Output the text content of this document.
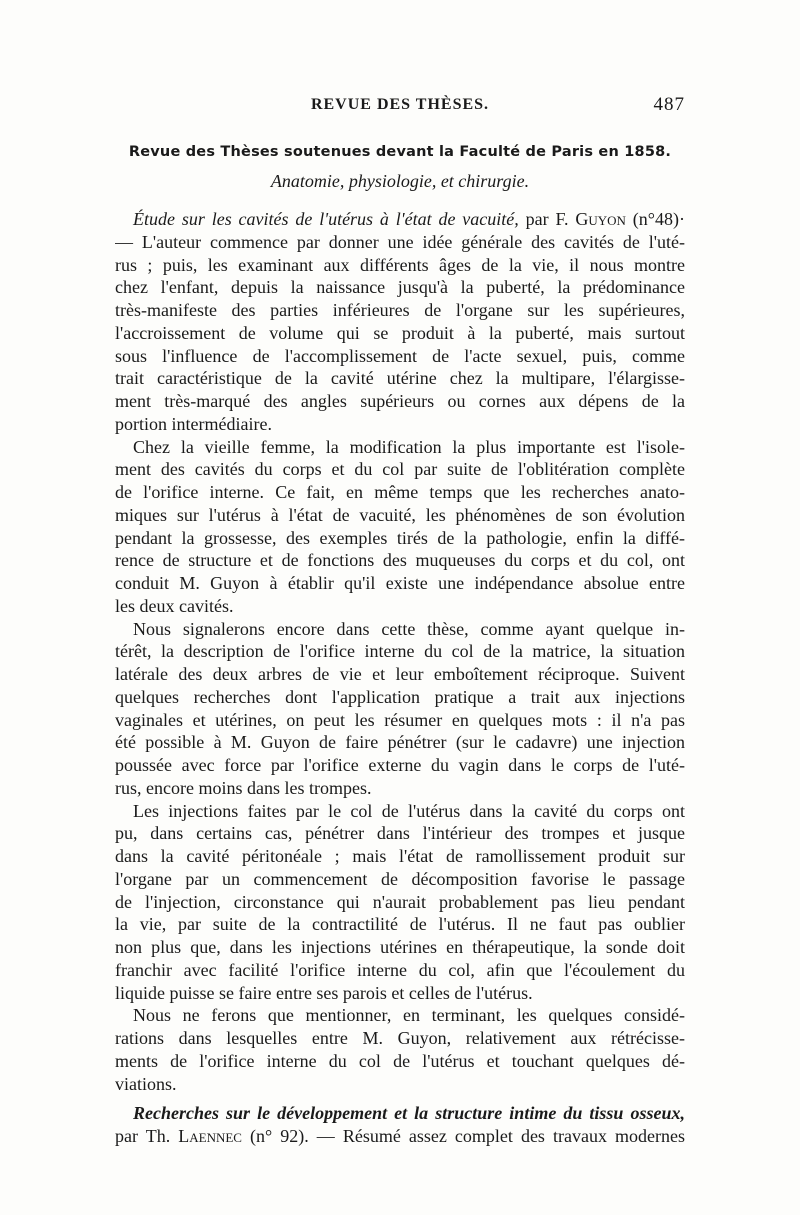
REVUE DES THÈSES.	487
Revue des Thèses soutenues devant la Faculté de Paris en 1858.
Anatomie, physiologie, et chirurgie.
Étude sur les cavités de l'utérus à l'état de vacuité, par F. Guyon (n°48)·
— L'auteur commence par donner une idée générale des cavités de l'uté-
rus ; puis, les examinant aux différents âges de la vie, il nous montre
chez l'enfant, depuis la naissance jusqu'à la puberté, la prédominance
très-manifeste des parties inférieures de l'organe sur les supérieures,
l'accroissement de volume qui se produit à la puberté, mais surtout
sous l'influence de l'accomplissement de l'acte sexuel, puis, comme
trait caractéristique de la cavité utérine chez la multipare, l'élargisse-
ment très-marqué des angles supérieurs ou cornes aux dépens de la
portion intermédiaire.
Chez la vieille femme, la modification la plus importante est l'isole-
ment des cavités du corps et du col par suite de l'oblitération complète
de l'orifice interne. Ce fait, en même temps que les recherches anato-
miques sur l'utérus à l'état de vacuité, les phénomènes de son évolution
pendant la grossesse, des exemples tirés de la pathologie, enfin la diffé-
rence de structure et de fonctions des muqueuses du corps et du col, ont
conduit M. Guyon à établir qu'il existe une indépendance absolue entre
les deux cavités.
Nous signalerons encore dans cette thèse, comme ayant quelque in-
térêt, la description de l'orifice interne du col de la matrice, la situation
latérale des deux arbres de vie et leur emboîtement réciproque. Suivent
quelques recherches dont l'application pratique a trait aux injections
vaginales et utérines, on peut les résumer en quelques mots : il n'a pas
été possible à M. Guyon de faire pénétrer (sur le cadavre) une injection
poussée avec force par l'orifice externe du vagin dans le corps de l'uté-
rus, encore moins dans les trompes.
Les injections faites par le col de l'utérus dans la cavité du corps ont
pu, dans certains cas, pénétrer dans l'intérieur des trompes et jusque
dans la cavité péritonéale ; mais l'état de ramollissement produit sur
l'organe par un commencement de décomposition favorise le passage
de l'injection, circonstance qui n'aurait probablement pas lieu pendant
la vie, par suite de la contractilité de l'utérus. Il ne faut pas oublier
non plus que, dans les injections utérines en thérapeutique, la sonde doit
franchir avec facilité l'orifice interne du col, afin que l'écoulement du
liquide puisse se faire entre ses parois et celles de l'utérus.
Nous ne ferons que mentionner, en terminant, les quelques considé-
rations dans lesquelles entre M. Guyon, relativement aux rétrécisse-
ments de l'orifice interne du col de l'utérus et touchant quelques dé-
viations.
Recherches sur le développement et la structure intime du tissu osseux,
par Th. Laennec (n° 92). — Résumé assez complet des travaux modernes
